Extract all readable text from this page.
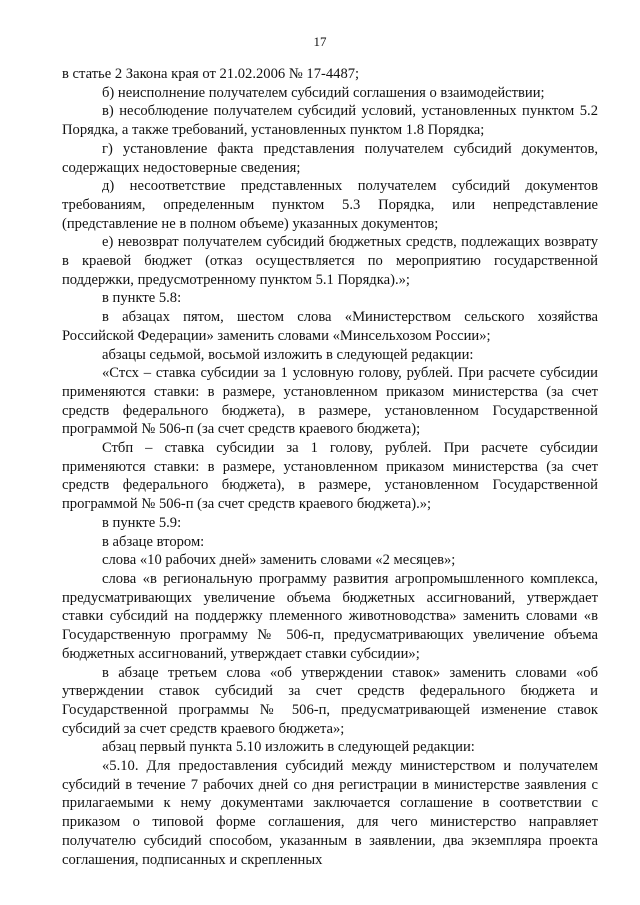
17

в статье 2 Закона края от 21.02.2006 № 17-4487;

б) неисполнение получателем субсидий соглашения о взаимодействии;

в) несоблюдение получателем субсидий условий, установленных пунктом 5.2 Порядка, а также требований, установленных пунктом 1.8 Порядка;

г) установление факта представления получателем субсидий документов, содержащих недостоверные сведения;

д) несоответствие представленных получателем субсидий документов требованиям, определенным пунктом 5.3 Порядка, или непредставление (представление не в полном объеме) указанных документов;

е) невозврат получателем субсидий бюджетных средств, подлежащих возврату в краевой бюджет (отказ осуществляется по мероприятию государственной поддержки, предусмотренному пунктом 5.1 Порядка).»;

в пункте 5.8:

в абзацах пятом, шестом слова «Министерством сельского хозяйства Российской Федерации» заменить словами «Минсельхозом России»;

абзацы седьмой, восьмой изложить в следующей редакции:

«Стсх – ставка субсидии за 1 условную голову, рублей. При расчете субсидии применяются ставки: в размере, установленном приказом министерства (за счет средств федерального бюджета), в размере, установленном Государственной программой № 506-п (за счет средств краевого бюджета);

Стбп – ставка субсидии за 1 голову, рублей. При расчете субсидии применяются ставки: в размере, установленном приказом министерства (за счет средств федерального бюджета), в размере, установленном Государственной программой № 506-п (за счет средств краевого бюджета).»;

в пункте 5.9:

в абзаце втором:

слова «10 рабочих дней» заменить словами «2 месяцев»;

слова «в региональную программу развития агропромышленного комплекса, предусматривающих увеличение объема бюджетных ассигнований, утверждает ставки субсидий на поддержку племенного животноводства» заменить словами «в Государственную программу № 506-п, предусматривающих увеличение объема бюджетных ассигнований, утверждает ставки субсидии»;

в абзаце третьем слова «об утверждении ставок» заменить словами «об утверждении ставок субсидий за счет средств федерального бюджета и Государственной программы № 506-п, предусматривающей изменение ставок субсидий за счет средств краевого бюджета»;

абзац первый пункта 5.10 изложить в следующей редакции:

«5.10. Для предоставления субсидий между министерством и получателем субсидий в течение 7 рабочих дней со дня регистрации в министерстве заявления с прилагаемыми к нему документами заключается соглашение в соответствии с приказом о типовой форме соглашения, для чего министерство направляет получателю субсидий способом, указанным в заявлении, два экземпляра проекта соглашения, подписанных и скрепленных
